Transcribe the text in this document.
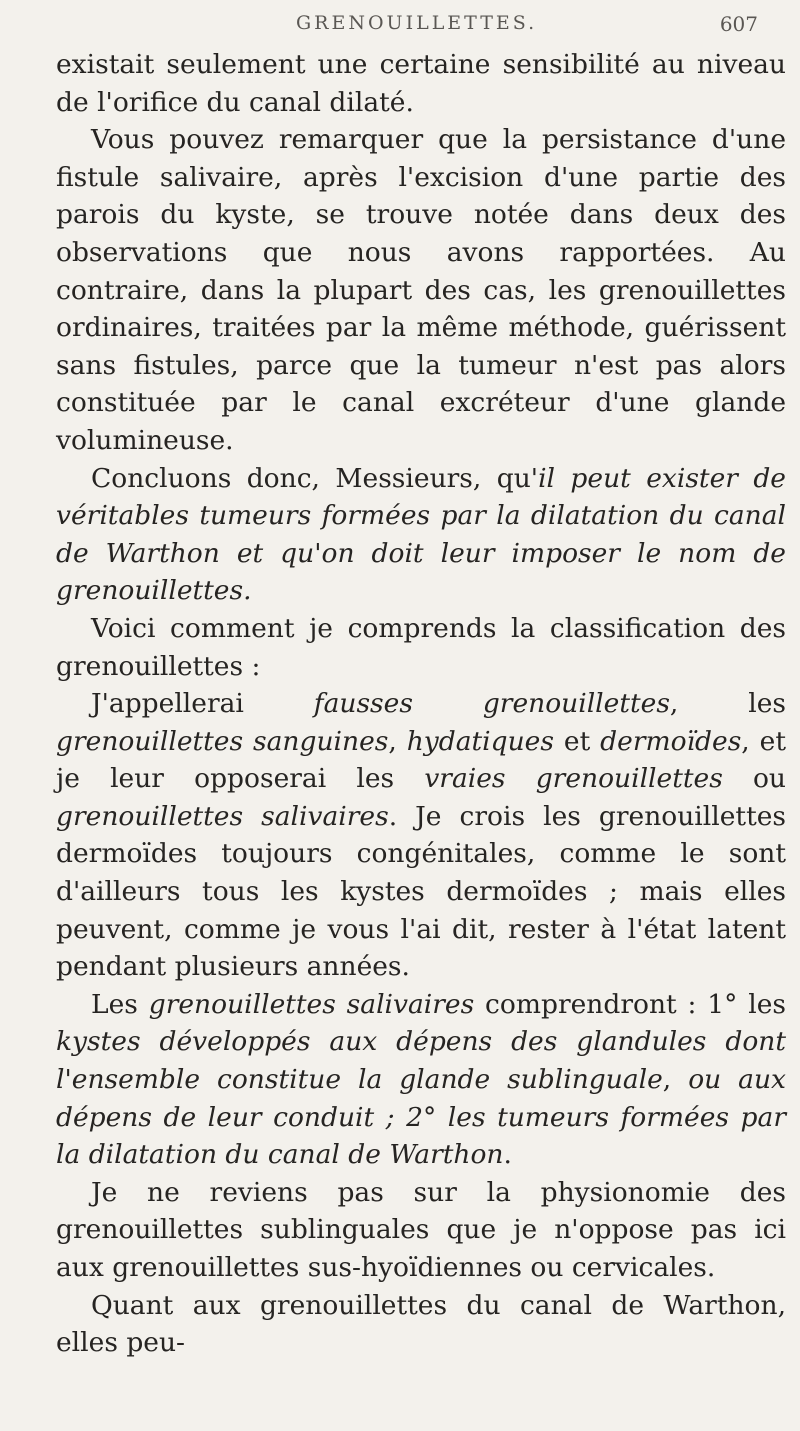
GRENOUILLETTES.	607

existait seulement une certaine sensibilité au niveau de l'orifice du canal dilaté.

Vous pouvez remarquer que la persistance d'une fistule salivaire, après l'excision d'une partie des parois du kyste, se trouve notée dans deux des observations que nous avons rapportées. Au contraire, dans la plupart des cas, les grenouillettes ordinaires, traitées par la même méthode, guérissent sans fistules, parce que la tumeur n'est pas alors constituée par le canal excréteur d'une glande volumineuse.

Concluons donc, Messieurs, qu'il peut exister de véritables tumeurs formées par la dilatation du canal de Warthon et qu'on doit leur imposer le nom de grenouillettes.

Voici comment je comprends la classification des grenouillettes :

J'appellerai fausses grenouillettes, les grenouillettes sanguines, hydatiques et dermoïdes, et je leur opposerai les vraies grenouillettes ou grenouillettes salivaires. Je crois les grenouillettes dermoïdes toujours congénitales, comme le sont d'ailleurs tous les kystes dermoïdes ; mais elles peuvent, comme je vous l'ai dit, rester à l'état latent pendant plusieurs années.

Les grenouillettes salivaires comprendront : 1° les kystes développés aux dépens des glandules dont l'ensemble constitue la glande sublinguale, ou aux dépens de leur conduit ; 2° les tumeurs formées par la dilatation du canal de Warthon.

Je ne reviens pas sur la physionomie des grenouillettes sublinguales que je n'oppose pas ici aux grenouillettes sus-hyoïdiennes ou cervicales.

Quant aux grenouillettes du canal de Warthon, elles peu-
